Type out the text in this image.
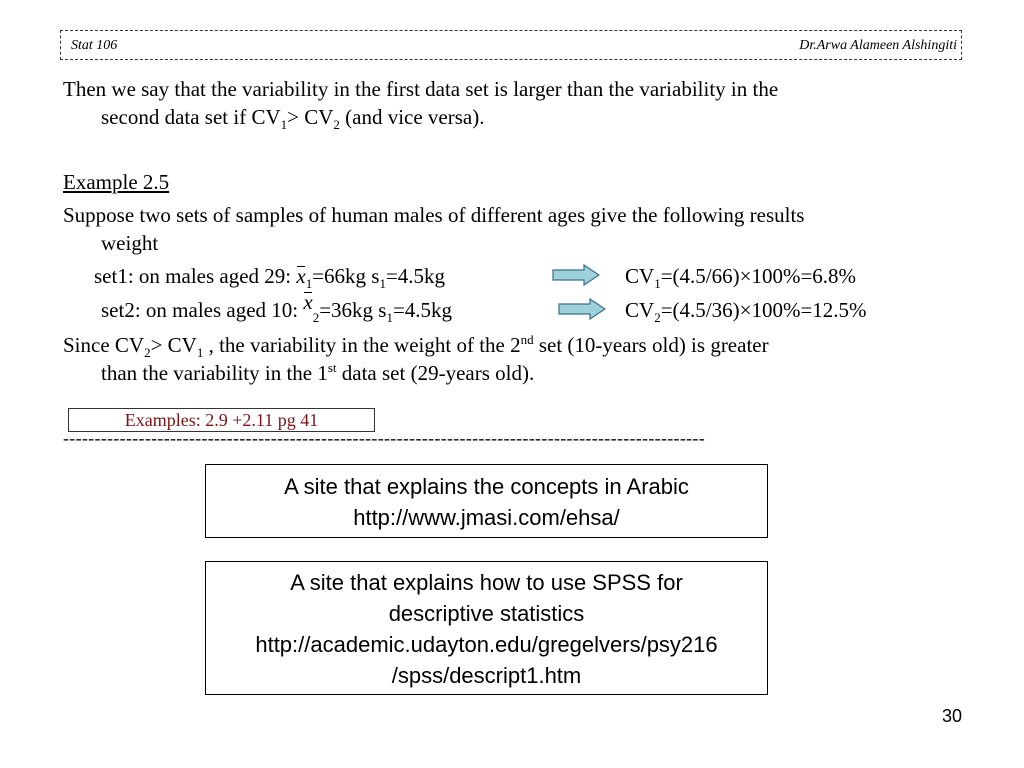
Stat 106	Dr.Arwa Alameen Alshingiti
Then we say that the variability in the first data set is larger than the variability in the
second data set if $CV_1> CV_2$ (and vice versa).
Example 2.5
Suppose two sets of samples of human males of different ages give the following results
weight
set1: on males aged 29: x
$_1$=66kg $s_1=4.5kg$	$CV_1=(4.5/66)\times 100\%=6.8\%$
set2: on males aged 10: x
$_2$=36kg $s_1=4.5kg$	$CV_2=(4.5/36)\times 100\%=12.5\%$
Since $CV_2> CV_1$ , the variability in the weight of the 2nd set (10-years old) is greater
than the variability in the 1st data set (29-years old).
Examples: 2.9 +2.11 pg 41
------------------------------------------------------------------------------------------------------
A site that explains the concepts in Arabic
http://www.jmasi.com/ehsa/
A site that explains how to use SPSS for
descriptive statistics
http://academic.udayton.edu/gregelvers/psy216
/spss/descript1.htm
30
